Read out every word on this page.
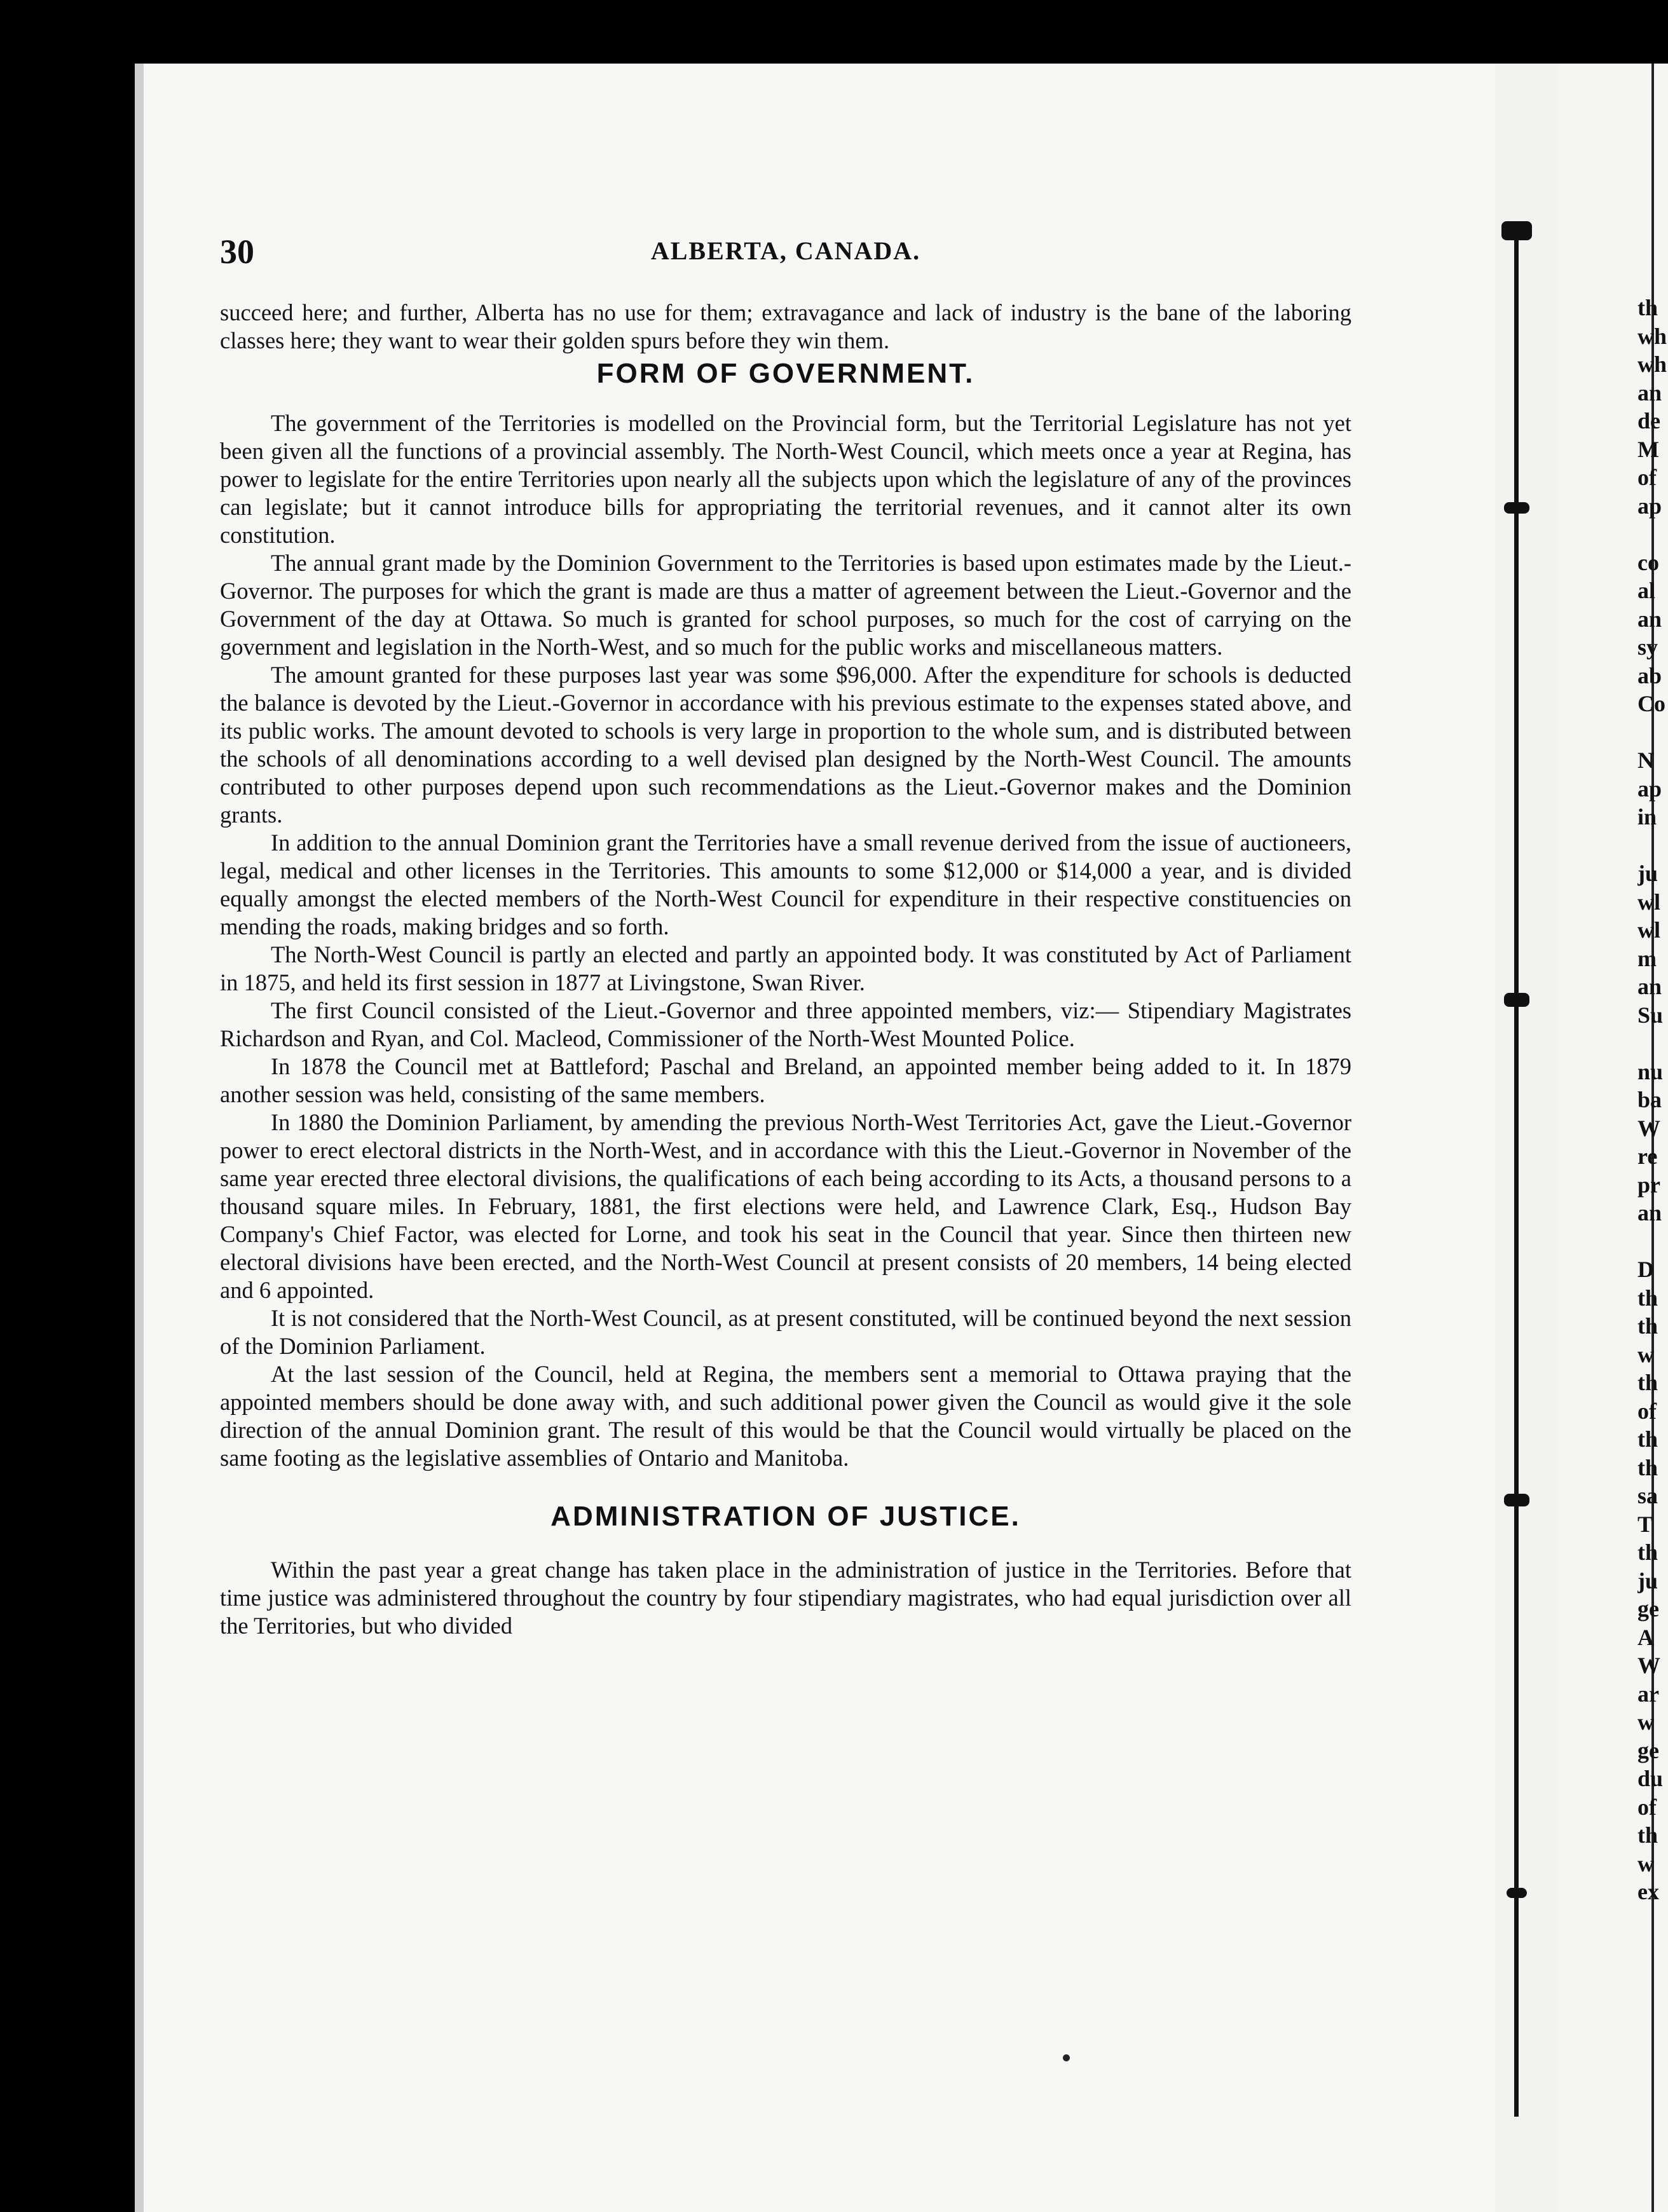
30	ALBERTA, CANADA.

succeed here; and further, Alberta has no use for them; extravagance and lack of industry is the bane of the laboring classes here; they want to wear their golden spurs before they win them.

FORM OF GOVERNMENT.

The government of the Territories is modelled on the Provincial form, but the Territorial Legislature has not yet been given all the functions of a provincial assembly. The North-West Council, which meets once a year at Regina, has power to legislate for the entire Territories upon nearly all the subjects upon which the legislature of any of the provinces can legislate; but it cannot introduce bills for appropriating the territorial revenues, and it cannot alter its own constitution.

The annual grant made by the Dominion Government to the Territories is based upon estimates made by the Lieut.-Governor. The purposes for which the grant is made are thus a matter of agreement between the Lieut.-Governor and the Government of the day at Ottawa. So much is granted for school purposes, so much for the cost of carrying on the government and legislation in the North-West, and so much for the public works and miscellaneous matters.

The amount granted for these purposes last year was some $96,000. After the expenditure for schools is deducted the balance is devoted by the Lieut.-Governor in accordance with his previous estimate to the expenses stated above, and its public works. The amount devoted to schools is very large in proportion to the whole sum, and is distributed between the schools of all denominations according to a well devised plan designed by the North-West Council. The amounts contributed to other purposes depend upon such recommendations as the Lieut.-Governor makes and the Dominion grants.

In addition to the annual Dominion grant the Territories have a small revenue derived from the issue of auctioneers, legal, medical and other licenses in the Territories. This amounts to some $12,000 or $14,000 a year, and is divided equally amongst the elected members of the North-West Council for expenditure in their respective constituencies on mending the roads, making bridges and so forth.

The North-West Council is partly an elected and partly an appointed body. It was constituted by Act of Parliament in 1875, and held its first session in 1877 at Livingstone, Swan River.

The first Council consisted of the Lieut.-Governor and three appointed members, viz:— Stipendiary Magistrates Richardson and Ryan, and Col. Macleod, Commissioner of the North-West Mounted Police.

In 1878 the Council met at Battleford; Paschal and Breland, an appointed member being added to it. In 1879 another session was held, consisting of the same members.

In 1880 the Dominion Parliament, by amending the previous North-West Territories Act, gave the Lieut.-Governor power to erect electoral districts in the North-West, and in accordance with this the Lieut.-Governor in November of the same year erected three electoral divisions, the qualifications of each being according to its Acts, a thousand persons to a thousand square miles. In February, 1881, the first elections were held, and Lawrence Clark, Esq., Hudson Bay Company's Chief Factor, was elected for Lorne, and took his seat in the Council that year. Since then thirteen new electoral divisions have been erected, and the North-West Council at present consists of 20 members, 14 being elected and 6 appointed.

It is not considered that the North-West Council, as at present constituted, will be continued beyond the next session of the Dominion Parliament.

At the last session of the Council, held at Regina, the members sent a memorial to Ottawa praying that the appointed members should be done away with, and such additional power given the Council as would give it the sole direction of the annual Dominion grant. The result of this would be that the Council would virtually be placed on the same footing as the legislative assemblies of Ontario and Manitoba.

ADMINISTRATION OF JUSTICE.

Within the past year a great change has taken place in the administration of justice in the Territories. Before that time justice was administered throughout the country by four stipendiary magistrates, who had equal jurisdiction over all the Territories, but who divided

th
wh
wh
an
de
M
of
ap
co
al
an
sy
ab
Co
N
ap
in
ju
wl
wl
m
an
Su
nu
ba
W
re
pr
an
D
th
th
w
th
of
th
th
sa
T
th
ju
ge
A
W
ar
w
ge
du
of
th
w
ex
